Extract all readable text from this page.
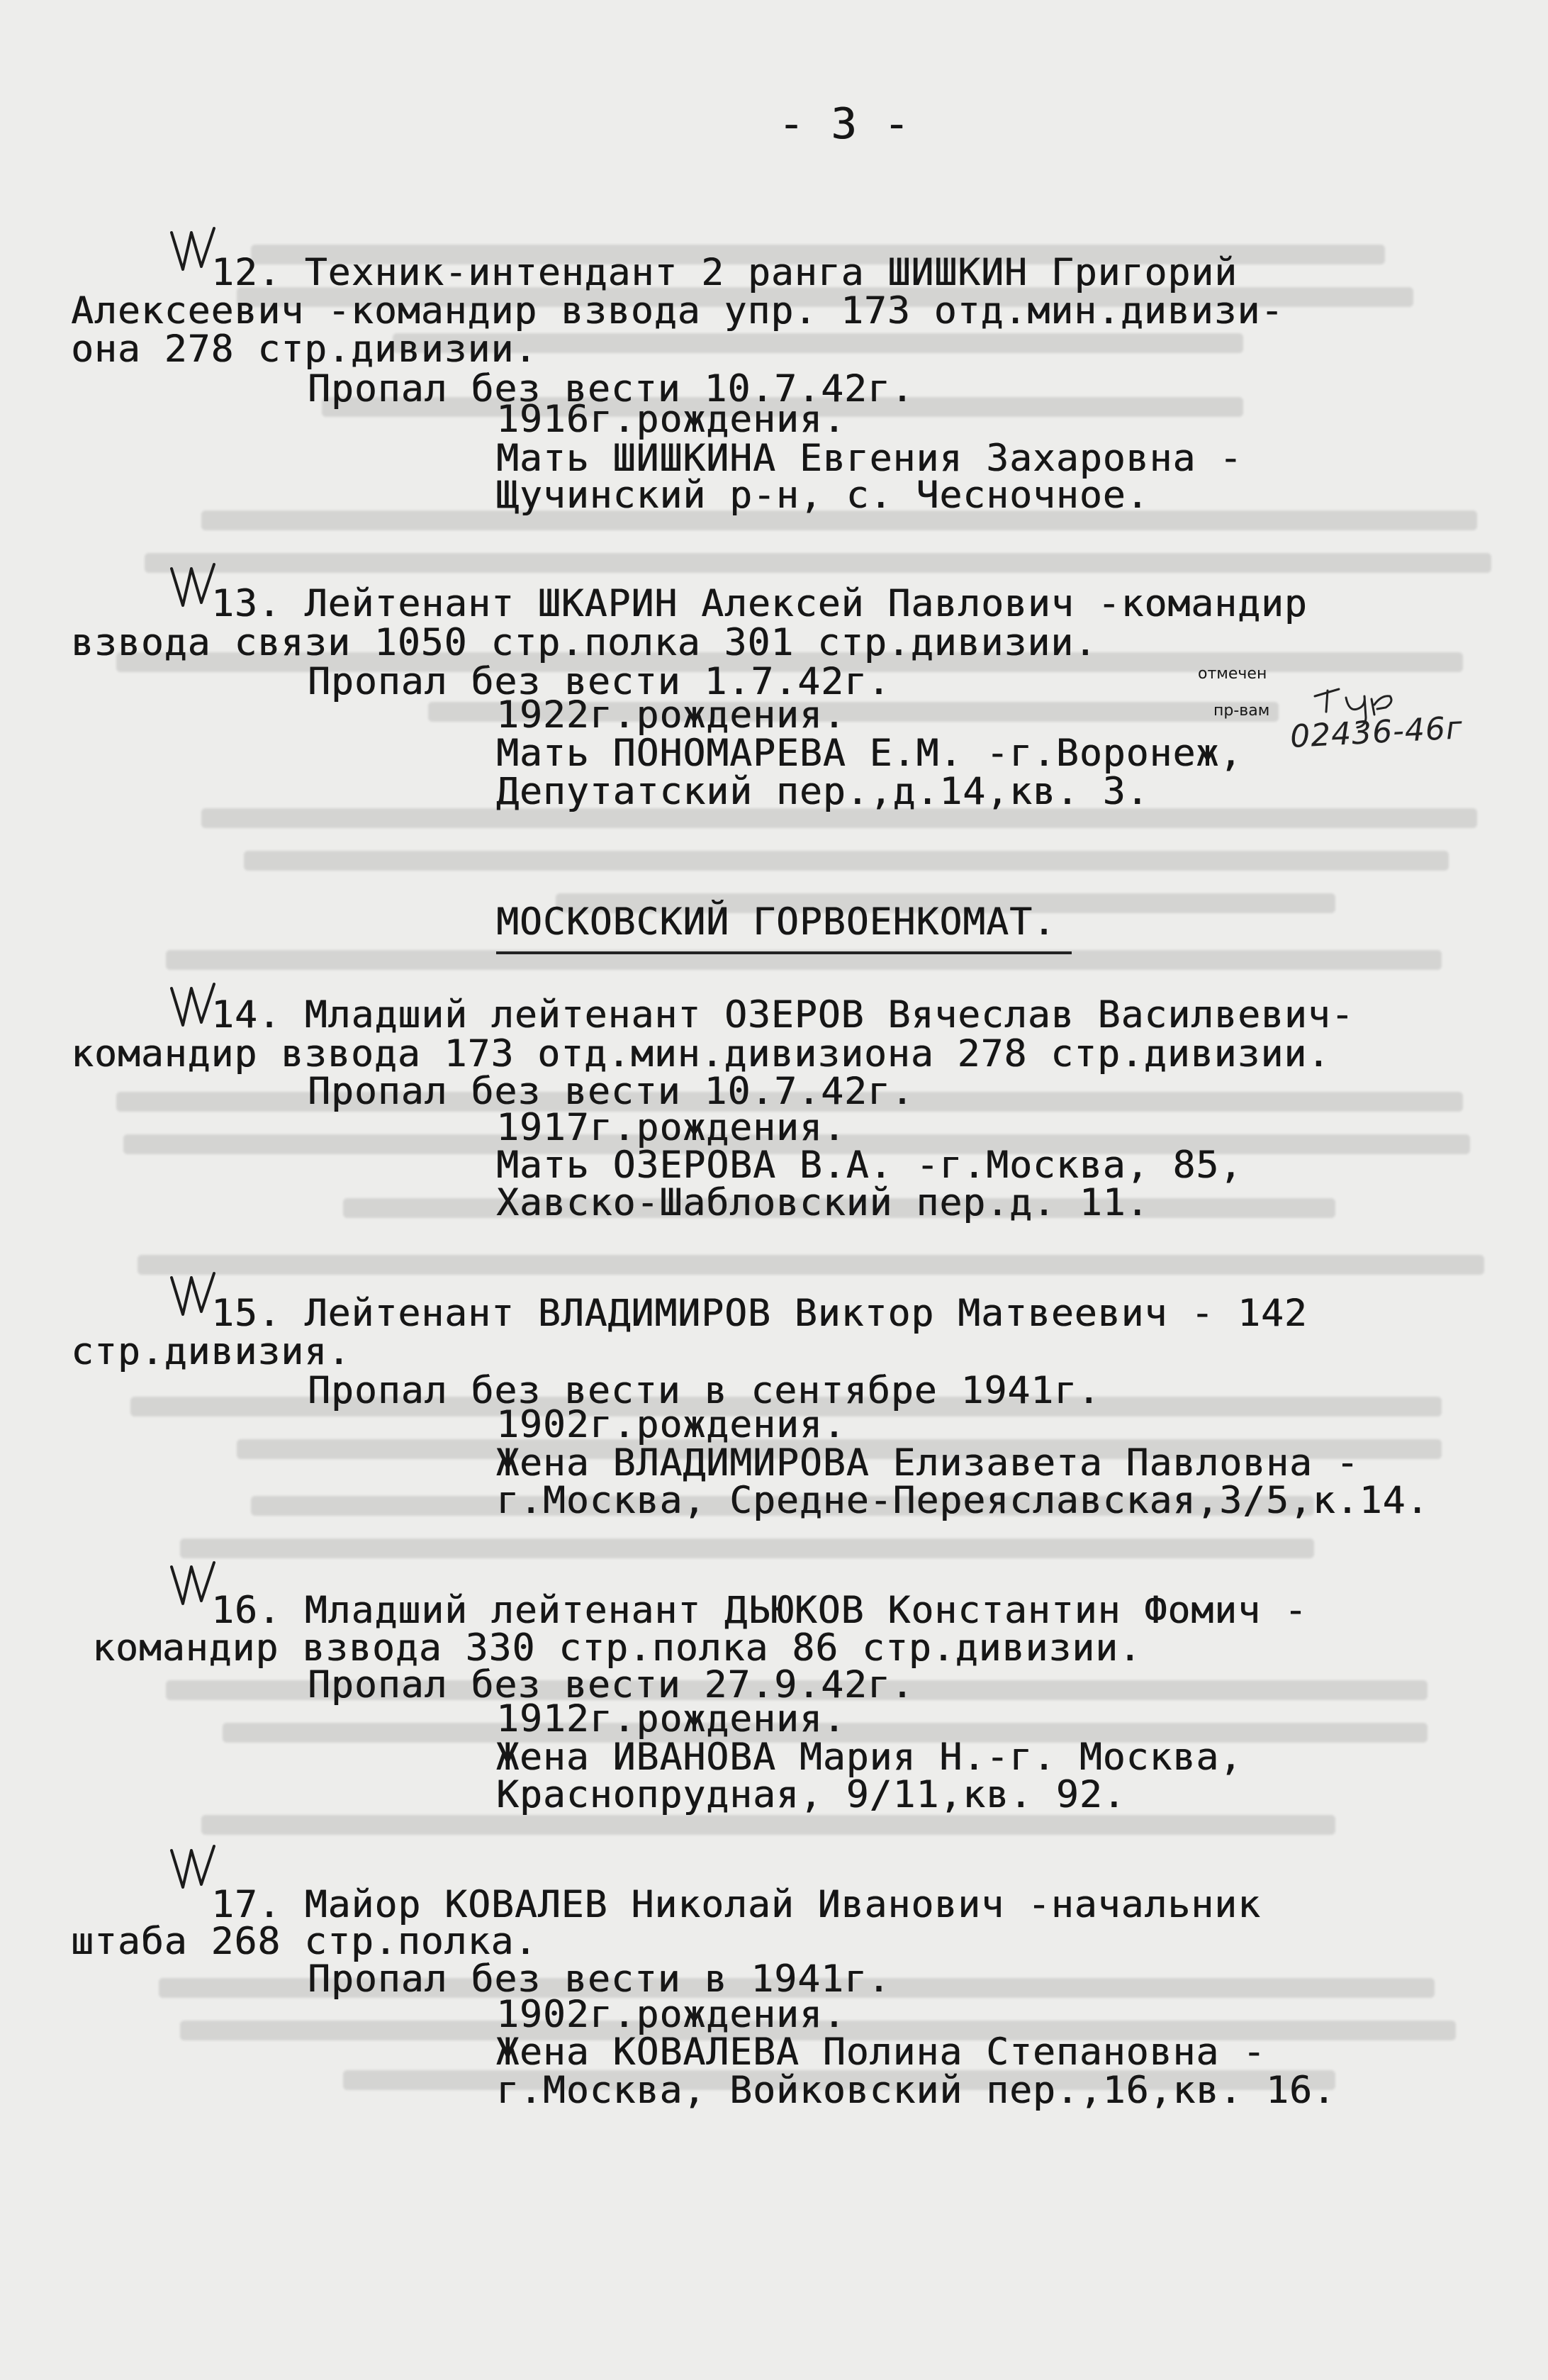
- 3 -
12. Техник-интендант 2 ранга ШИШКИН Григорий
Алексеевич -командир взвода упр. 173 отд.мин.дивизи-
она 278 стр.дивизии.
Пропал без вести 10.7.42г.
1916г.рождения.
Мать ШИШКИНА Евгения Захаровна -
Щучинский р-н, с. Чесночное.
13. Лейтенант ШКАРИН Алексей Павлович -командир
взвода связи 1050 стр.полка 301 стр.дивизии.
Пропал без вести 1.7.42г.
1922г.рождения.
Мать ПОНОМАРЕВА Е.М. -г.Воронеж,
Депутатский пер.,д.14,кв. 3.
отмечен
пр-вам 02436-46г
МОСКОВСКИЙ ГОРВОЕНКОМАТ.
14. Младший лейтенант ОЗЕРОВ Вячеслав Василвевич-
командир взвода 173 отд.мин.дивизиона 278 стр.дивизии.
Пропал без вести 10.7.42г.
1917г.рождения.
Мать ОЗЕРОВА В.А. -г.Москва, 85,
Хавско-Шабловский пер.д. 11.
15. Лейтенант ВЛАДИМИРОВ Виктор Матвеевич - 142
стр.дивизия.
Пропал без вести в сентябре 1941г.
1902г.рождения.
Жена ВЛАДИМИРОВА Елизавета Павловна -
г.Москва, Средне-Переяславская,3/5,к.14.
16. Младший лейтенант ДЬЮКОВ Константин Фомич -
командир взвода 330 стр.полка 86 стр.дивизии.
Пропал без вести 27.9.42г.
1912г.рождения.
Жена ИВАНОВА Мария Н.-г. Москва,
Краснопрудная, 9/11,кв. 92.
17. Майор КОВАЛЕВ Николай Иванович -начальник
штаба 268 стр.полка.
Пропал без вести в 1941г.
1902г.рождения.
Жена КОВАЛЕВА Полина Степановна -
г.Москва, Войковский пер.,16,кв. 16.
